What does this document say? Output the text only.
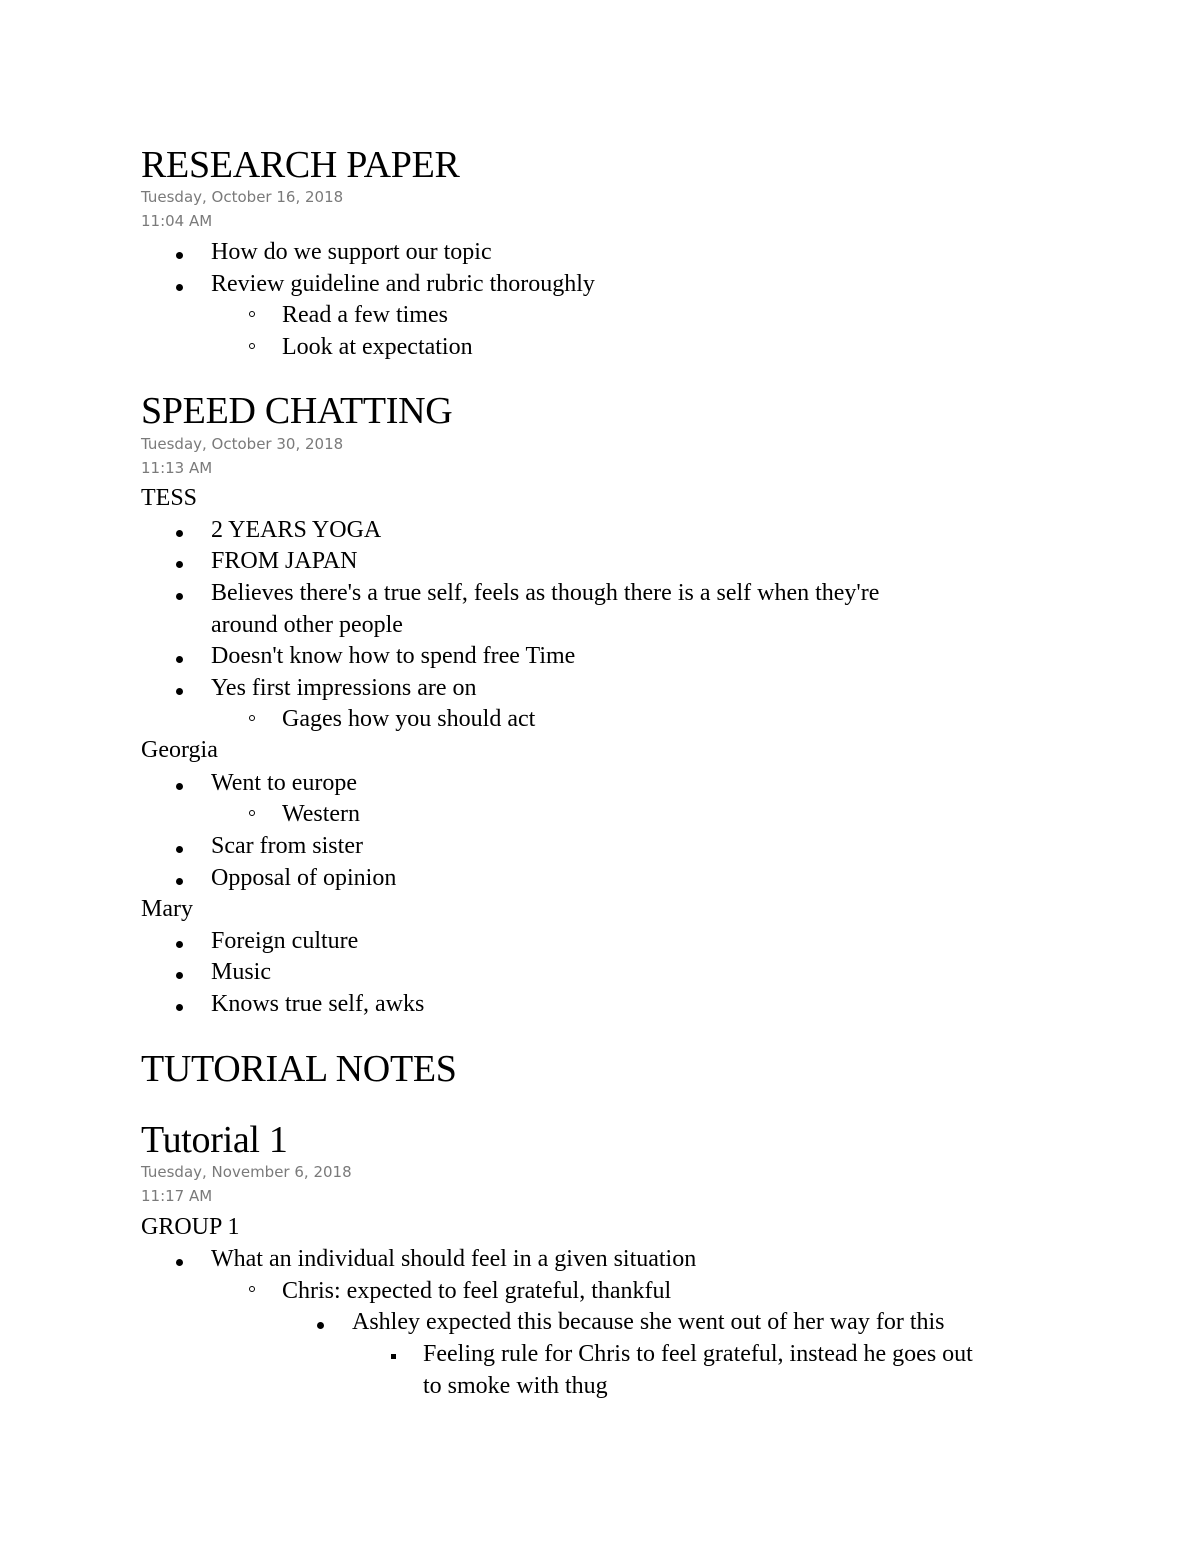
RESEARCH PAPER
Tuesday, October 16, 2018
11:04 AM
How do we support our topic
Review guideline and rubric thoroughly
Read a few times
Look at expectation
SPEED CHATTING
Tuesday, October 30, 2018
11:13 AM
TESS
2 YEARS YOGA
FROM JAPAN
Believes there's a true self, feels as though there is a self when they're
around other people
Doesn't know how to spend free Time
Yes first impressions are on
Gages how you should act
Georgia
Went to europe
Western
Scar from sister
Opposal of opinion
Mary
Foreign culture
Music
Knows true self, awks
TUTORIAL NOTES
Tutorial 1
Tuesday, November 6, 2018
11:17 AM
GROUP 1
What an individual should feel in a given situation
Chris: expected to feel grateful, thankful
Ashley expected this because she went out of her way for this
Feeling rule for Chris to feel grateful, instead he goes out
to smoke with thug
